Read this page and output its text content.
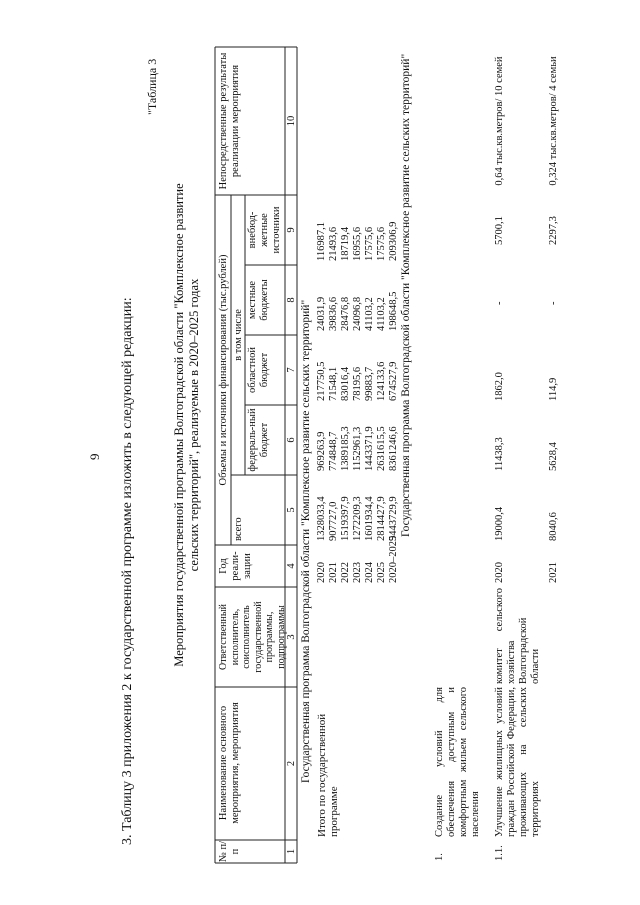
9 3. Таблицу 3 приложения 2 к государственной программе изложить в следующей редакции:
"Таблица 3
Мероприятия государственной программы Волгоградской области "Комплексное развитие сельских территорий", реализуемые в 2020–2025 годах
№ п/п
Наименование основного мероприятия, мероприятия
Ответственный исполнитель, соисполнитель государственной программы, подпрограммы
Год реали-зации
Объемы и источники финансирования (тыс.рублей)
всего
в том числе
федераль-ный бюджет
областной бюджет
местные бюджеты
внебюд-жетные источники
Непосредственные результаты реализации мероприятия
1
2
3
4
5
6
7
8
9
10
Государственная программа Волгоградской области "Комплексное развитие сельских территорий" Итого по государственной программе
2020 2021 2022 2023 2024 2025 2020–2025
1328033,4 907727,0 1519397,9 1272209,3 1601934,4 2814427,9 9443729,9
969263,9 774848,7 1389185,3 1152961,3 1443371,9 2631615,5 8361246,6
217750,5 71548,1 83016,4 78195,6 99883,7 124133,6 674527,9
24031,9 39836,6 28476,8 24096,8 41103,2 41103,2 198648,5
116987,1 21493,6 18719,4 16955,6 17575,6 17575,6 209306,9 Государственная программа Волгоградской области "Комплексное развитие сельских территорий"
1.
Создание условий для обеспечения доступным и комфортным жильем сельского населения
1.1.
Улучшение жилищных условий граждан Российской Федерации, проживающих на сельских территориях
комитет сельского хозяйства Волгоградской области
2020
19000,4
11438,3
1862,0
-
5700,1
0,64 тыс.кв.метров/ 10 семей
2021
8040,6
5628,4
114,9
-
2297,3
0,324 тыс.кв.метров/ 4 семьи
